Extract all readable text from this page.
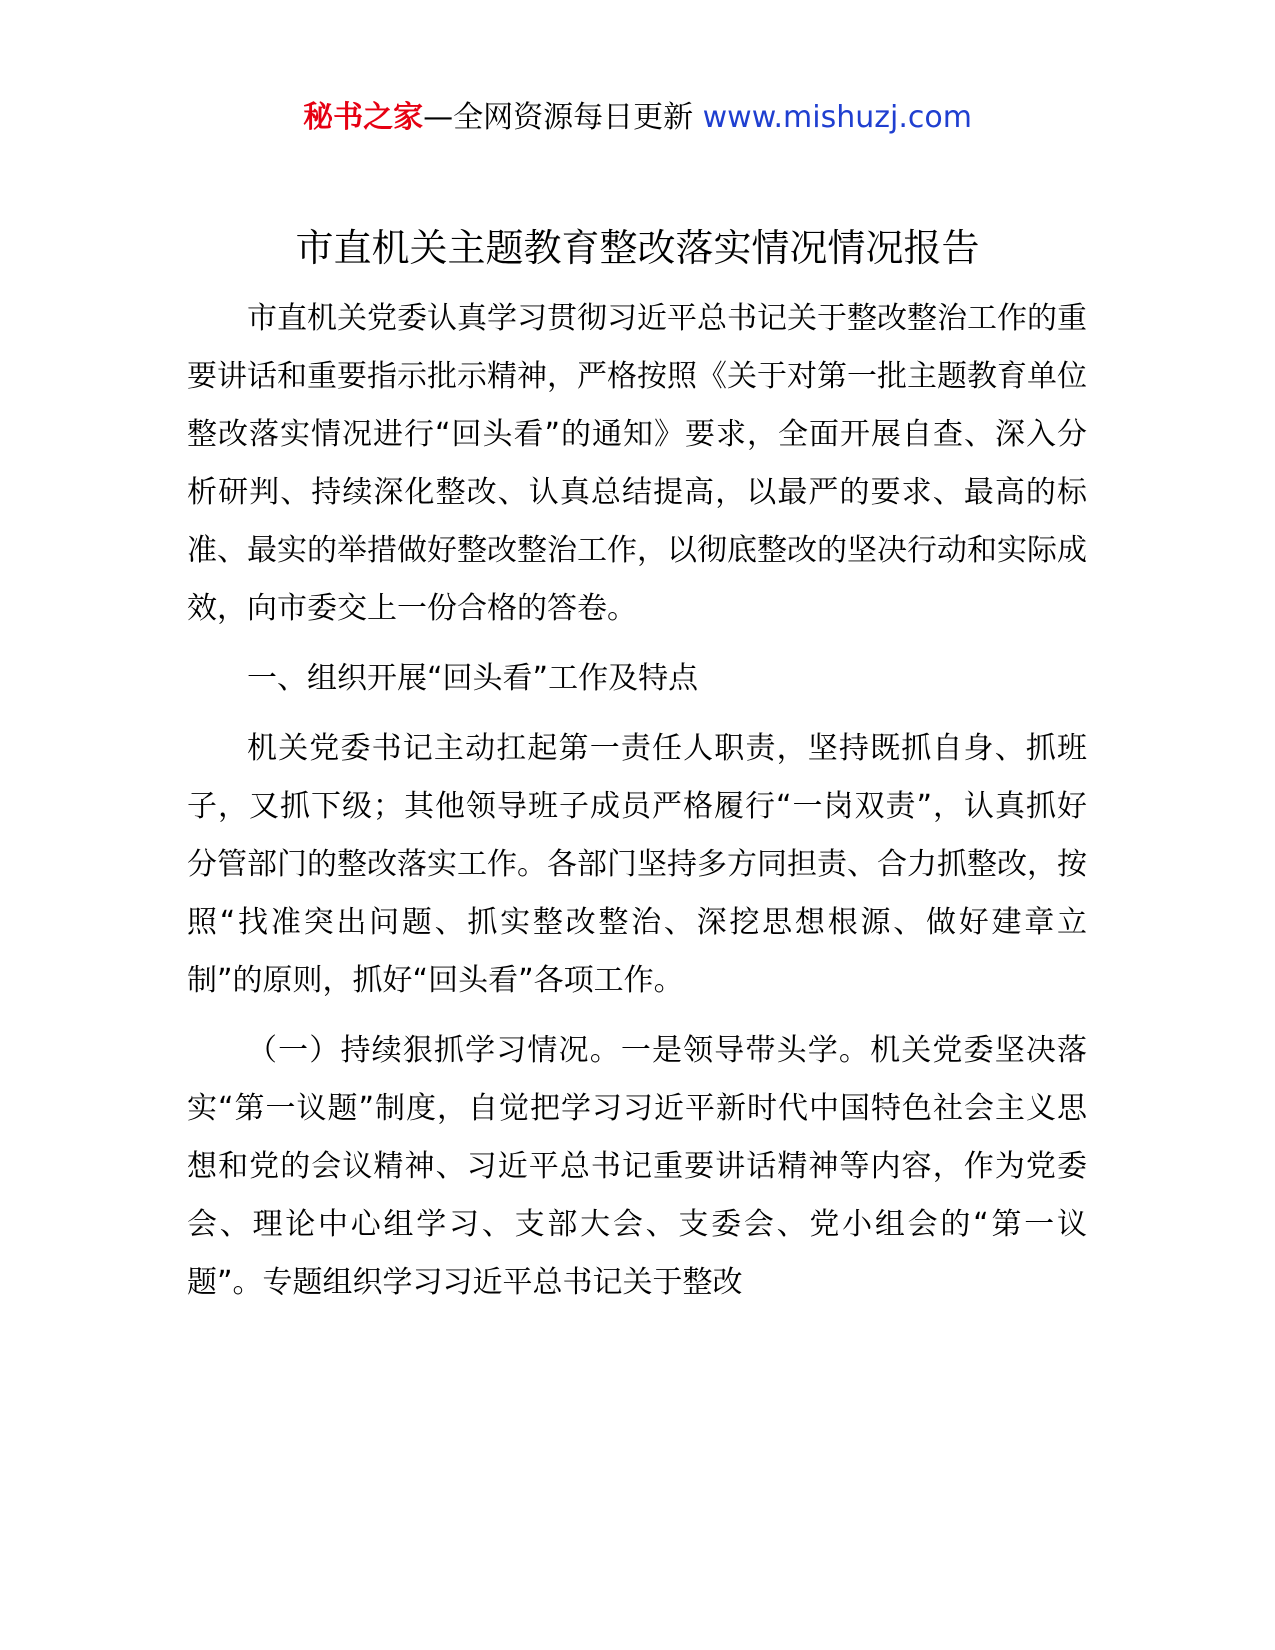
秘书之家—全网资源每日更新 www.mishuzj.com
市直机关主题教育整改落实情况情况报告

市直机关党委认真学习贯彻习近平总书记关于整改整治工作的重要讲话和重要指示批示精神，严格按照《关于对第一批主题教育单位整改落实情况进行“回头看”的通知》要求，全面开展自查、深入分析研判、持续深化整改、认真总结提高，以最严的要求、最高的标准、最实的举措做好整改整治工作，以彻底整改的坚决行动和实际成效，向市委交上一份合格的答卷。

一、组织开展“回头看”工作及特点

机关党委书记主动扛起第一责任人职责，坚持既抓自身、抓班子，又抓下级；其他领导班子成员严格履行“一岗双责”，认真抓好分管部门的整改落实工作。各部门坚持多方同担责、合力抓整改，按照“找准突出问题、抓实整改整治、深挖思想根源、做好建章立制”的原则，抓好“回头看”各项工作。

（一）持续狠抓学习情况。一是领导带头学。机关党委坚决落实“第一议题”制度，自觉把学习习近平新时代中国特色社会主义思想和党的会议精神、习近平总书记重要讲话精神等内容，作为党委会、理论中心组学习、支部大会、支委会、党小组会的“第一议题”。专题组织学习习近平总书记关于整改
